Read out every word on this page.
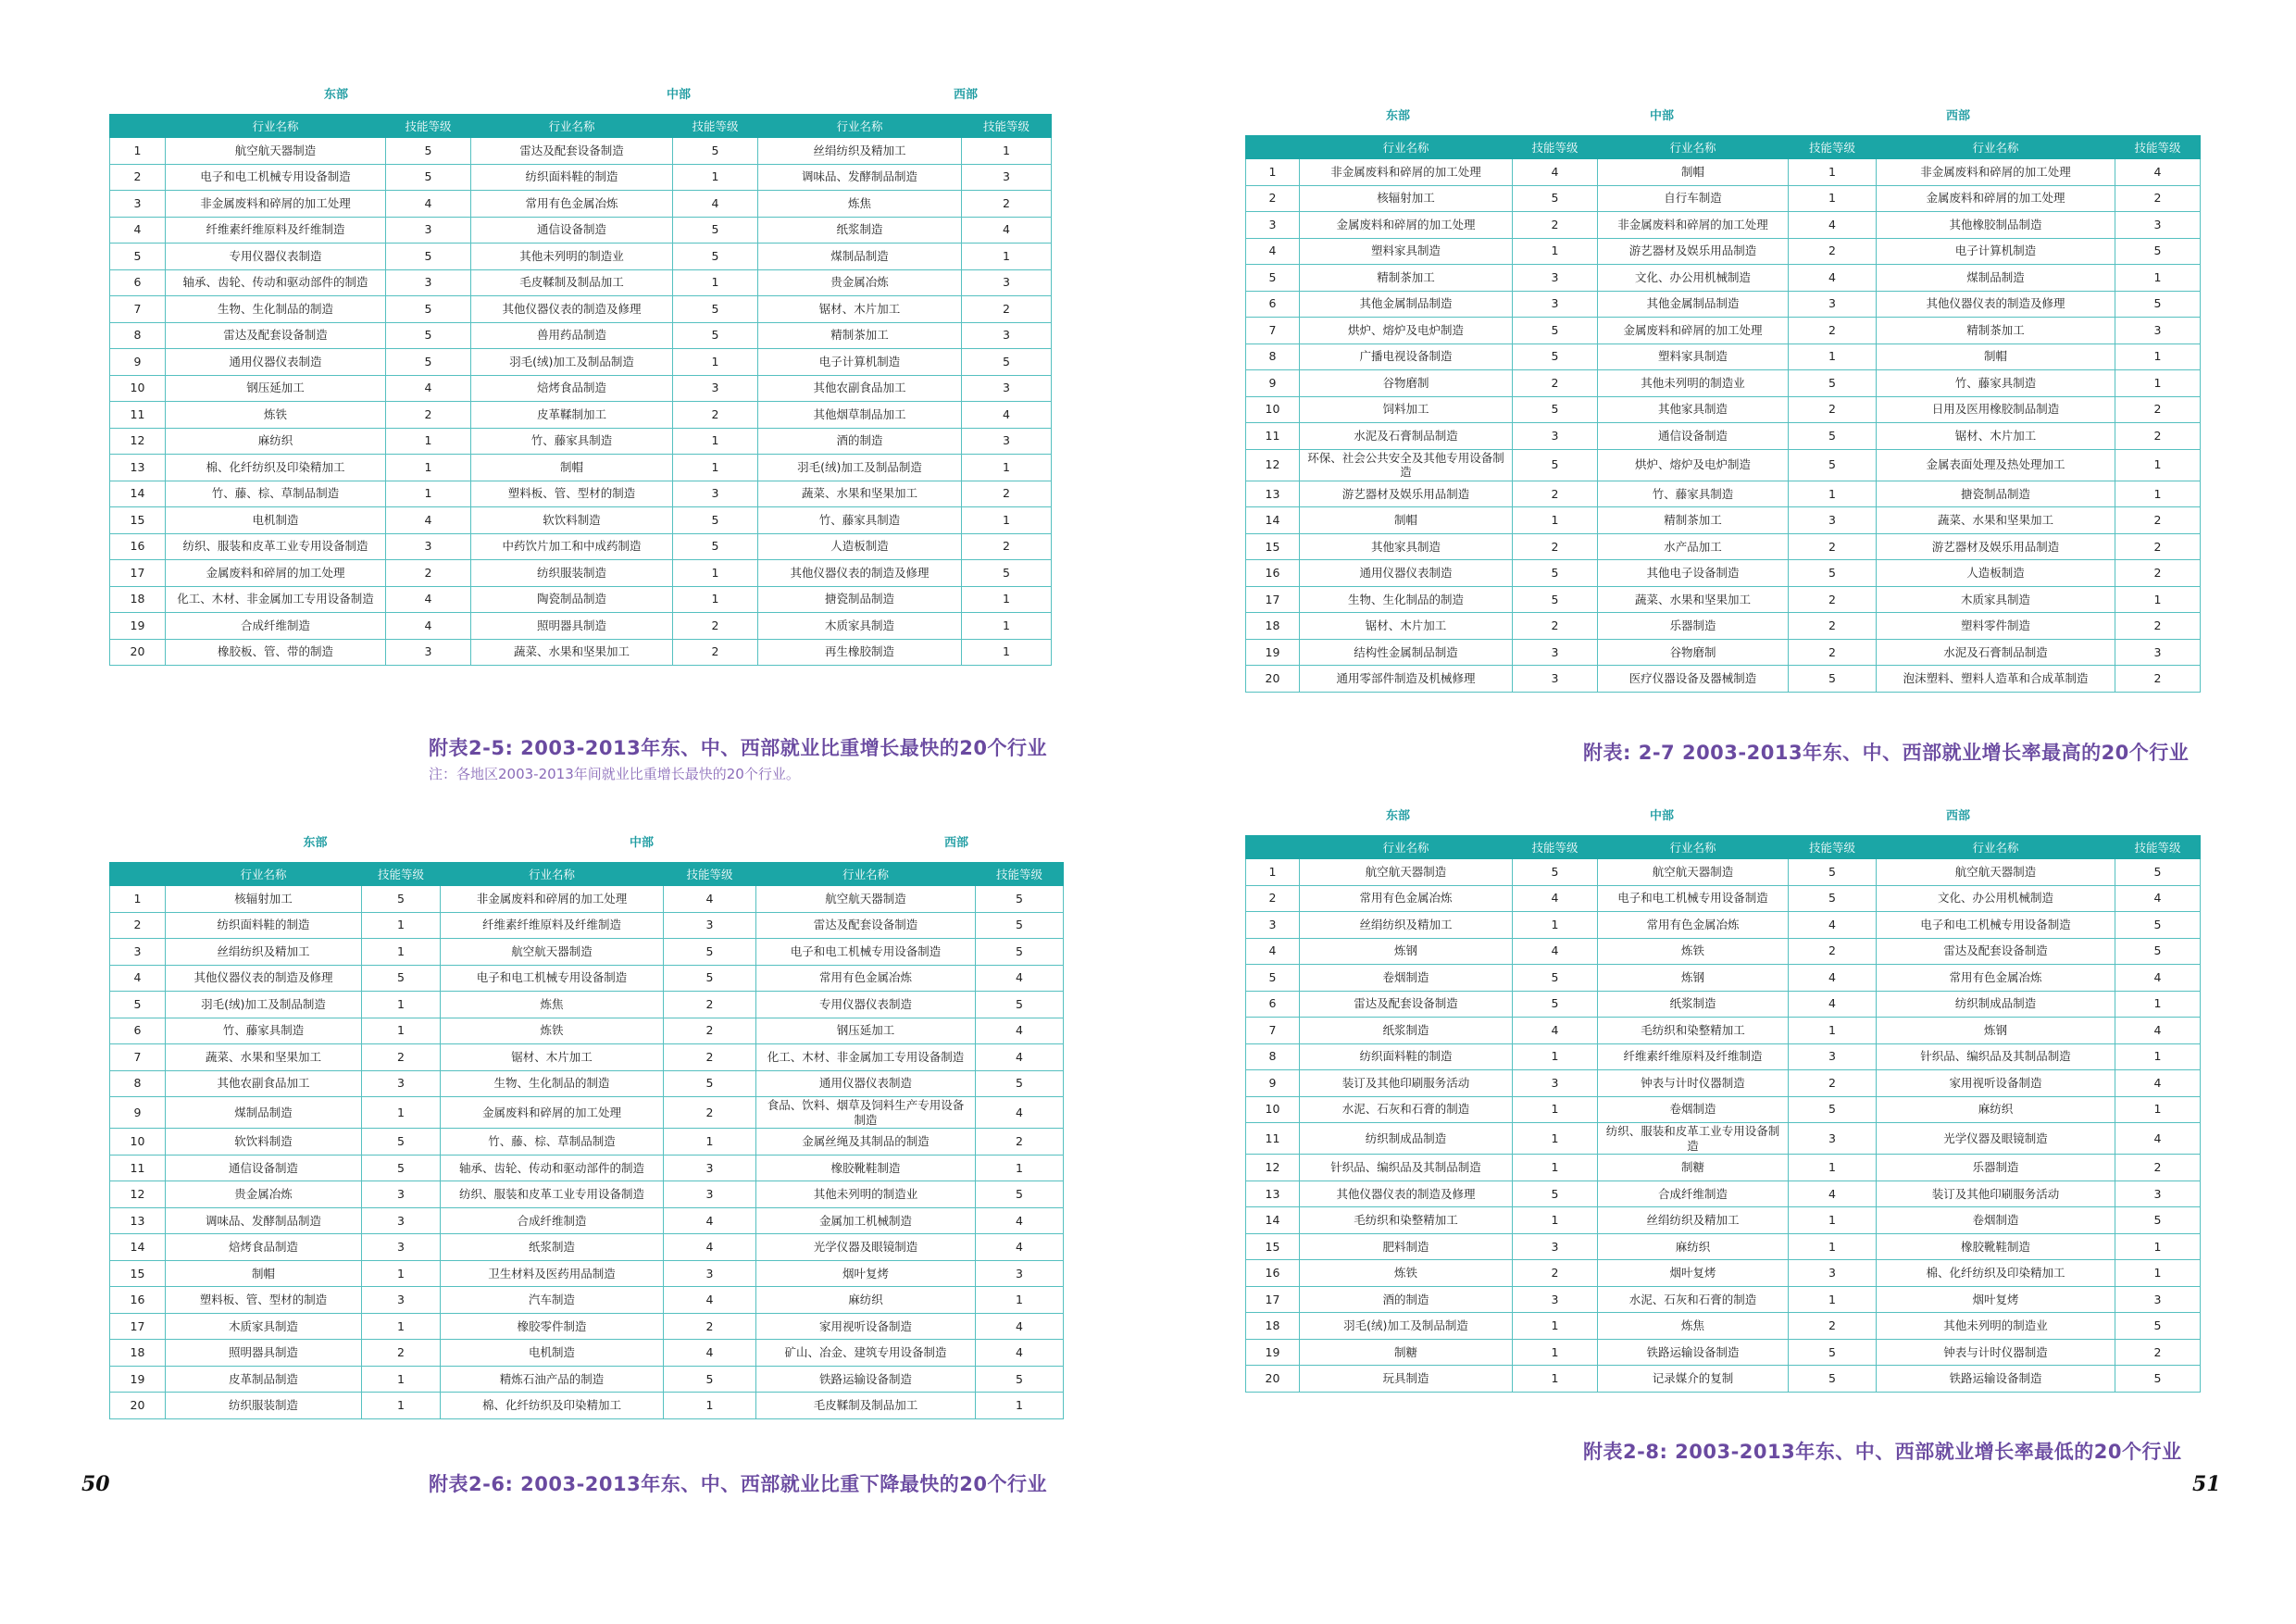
东部	中部	西部
	行业名称	技能等级	行业名称	技能等级	行业名称	技能等级
1	航空航天器制造	5	雷达及配套设备制造	5	丝绢纺织及精加工	1
2	电子和电工机械专用设备制造	5	纺织面料鞋的制造	1	调味品、发酵制品制造	3
3	非金属废料和碎屑的加工处理	4	常用有色金属冶炼	4	炼焦	2
4	纤维素纤维原料及纤维制造	3	通信设备制造	5	纸浆制造	4
5	专用仪器仪表制造	5	其他未列明的制造业	5	煤制品制造	1
6	轴承、齿轮、传动和驱动部件的制造	3	毛皮鞣制及制品加工	1	贵金属冶炼	3
7	生物、生化制品的制造	5	其他仪器仪表的制造及修理	5	锯材、木片加工	2
8	雷达及配套设备制造	5	兽用药品制造	5	精制茶加工	3
9	通用仪器仪表制造	5	羽毛(绒)加工及制品制造	1	电子计算机制造	5
10	钢压延加工	4	焙烤食品制造	3	其他农副食品加工	3
11	炼铁	2	皮革鞣制加工	2	其他烟草制品加工	4
12	麻纺织	1	竹、藤家具制造	1	酒的制造	3
13	棉、化纤纺织及印染精加工	1	制帽	1	羽毛(绒)加工及制品制造	1
14	竹、藤、棕、草制品制造	1	塑料板、管、型材的制造	3	蔬菜、水果和坚果加工	2
15	电机制造	4	软饮料制造	5	竹、藤家具制造	1
16	纺织、服装和皮革工业专用设备制造	3	中药饮片加工和中成药制造	5	人造板制造	2
17	金属废料和碎屑的加工处理	2	纺织服装制造	1	其他仪器仪表的制造及修理	5
18	化工、木材、非金属加工专用设备制造	4	陶瓷制品制造	1	搪瓷制品制造	1
19	合成纤维制造	4	照明器具制造	2	木质家具制造	1
20	橡胶板、管、带的制造	3	蔬菜、水果和坚果加工	2	再生橡胶制造	1
附表2-5: 2003-2013年东、中、西部就业比重增长最快的20个行业
注：各地区2003-2013年间就业比重增长最快的20个行业。
东部	中部	西部
	行业名称	技能等级	行业名称	技能等级	行业名称	技能等级
1	核辐射加工	5	非金属废料和碎屑的加工处理	4	航空航天器制造	5
2	纺织面料鞋的制造	1	纤维素纤维原料及纤维制造	3	雷达及配套设备制造	5
3	丝绢纺织及精加工	1	航空航天器制造	5	电子和电工机械专用设备制造	5
4	其他仪器仪表的制造及修理	5	电子和电工机械专用设备制造	5	常用有色金属冶炼	4
5	羽毛(绒)加工及制品制造	1	炼焦	2	专用仪器仪表制造	5
6	竹、藤家具制造	1	炼铁	2	钢压延加工	4
7	蔬菜、水果和坚果加工	2	锯材、木片加工	2	化工、木材、非金属加工专用设备制造	4
8	其他农副食品加工	3	生物、生化制品的制造	5	通用仪器仪表制造	5
9	煤制品制造	1	金属废料和碎屑的加工处理	2	食品、饮料、烟草及饲料生产专用设备制造	4
10	软饮料制造	5	竹、藤、棕、草制品制造	1	金属丝绳及其制品的制造	2
11	通信设备制造	5	轴承、齿轮、传动和驱动部件的制造	3	橡胶靴鞋制造	1
12	贵金属冶炼	3	纺织、服装和皮革工业专用设备制造	3	其他未列明的制造业	5
13	调味品、发酵制品制造	3	合成纤维制造	4	金属加工机械制造	4
14	焙烤食品制造	3	纸浆制造	4	光学仪器及眼镜制造	4
15	制帽	1	卫生材料及医药用品制造	3	烟叶复烤	3
16	塑料板、管、型材的制造	3	汽车制造	4	麻纺织	1
17	木质家具制造	1	橡胶零件制造	2	家用视听设备制造	4
18	照明器具制造	2	电机制造	4	矿山、冶金、建筑专用设备制造	4
19	皮革制品制造	1	精炼石油产品的制造	5	铁路运输设备制造	5
20	纺织服装制造	1	棉、化纤纺织及印染精加工	1	毛皮鞣制及制品加工	1
附表2-6: 2003-2013年东、中、西部就业比重下降最快的20个行业
50
东部	中部	西部
	行业名称	技能等级	行业名称	技能等级	行业名称	技能等级
1	非金属废料和碎屑的加工处理	4	制帽	1	非金属废料和碎屑的加工处理	4
2	核辐射加工	5	自行车制造	1	金属废料和碎屑的加工处理	2
3	金属废料和碎屑的加工处理	2	非金属废料和碎屑的加工处理	4	其他橡胶制品制造	3
4	塑料家具制造	1	游艺器材及娱乐用品制造	2	电子计算机制造	5
5	精制茶加工	3	文化、办公用机械制造	4	煤制品制造	1
6	其他金属制品制造	3	其他金属制品制造	3	其他仪器仪表的制造及修理	5
7	烘炉、熔炉及电炉制造	5	金属废料和碎屑的加工处理	2	精制茶加工	3
8	广播电视设备制造	5	塑料家具制造	1	制帽	1
9	谷物磨制	2	其他未列明的制造业	5	竹、藤家具制造	1
10	饲料加工	5	其他家具制造	2	日用及医用橡胶制品制造	2
11	水泥及石膏制品制造	3	通信设备制造	5	锯材、木片加工	2
12	环保、社会公共安全及其他专用设备制造	5	烘炉、熔炉及电炉制造	5	金属表面处理及热处理加工	1
13	游艺器材及娱乐用品制造	2	竹、藤家具制造	1	搪瓷制品制造	1
14	制帽	1	精制茶加工	3	蔬菜、水果和坚果加工	2
15	其他家具制造	2	水产品加工	2	游艺器材及娱乐用品制造	2
16	通用仪器仪表制造	5	其他电子设备制造	5	人造板制造	2
17	生物、生化制品的制造	5	蔬菜、水果和坚果加工	2	木质家具制造	1
18	锯材、木片加工	2	乐器制造	2	塑料零件制造	2
19	结构性金属制品制造	3	谷物磨制	2	水泥及石膏制品制造	3
20	通用零部件制造及机械修理	3	医疗仪器设备及器械制造	5	泡沫塑料、塑料人造革和合成革制造	2
附表: 2-7 2003-2013年东、中、西部就业增长率最高的20个行业
东部	中部	西部
	行业名称	技能等级	行业名称	技能等级	行业名称	技能等级
1	航空航天器制造	5	航空航天器制造	5	航空航天器制造	5
2	常用有色金属冶炼	4	电子和电工机械专用设备制造	5	文化、办公用机械制造	4
3	丝绢纺织及精加工	1	常用有色金属冶炼	4	电子和电工机械专用设备制造	5
4	炼钢	4	炼铁	2	雷达及配套设备制造	5
5	卷烟制造	5	炼钢	4	常用有色金属冶炼	4
6	雷达及配套设备制造	5	纸浆制造	4	纺织制成品制造	1
7	纸浆制造	4	毛纺织和染整精加工	1	炼钢	4
8	纺织面料鞋的制造	1	纤维素纤维原料及纤维制造	3	针织品、编织品及其制品制造	1
9	装订及其他印刷服务活动	3	钟表与计时仪器制造	2	家用视听设备制造	4
10	水泥、石灰和石膏的制造	1	卷烟制造	5	麻纺织	1
11	纺织制成品制造	1	纺织、服装和皮革工业专用设备制造	3	光学仪器及眼镜制造	4
12	针织品、编织品及其制品制造	1	制糖	1	乐器制造	2
13	其他仪器仪表的制造及修理	5	合成纤维制造	4	装订及其他印刷服务活动	3
14	毛纺织和染整精加工	1	丝绢纺织及精加工	1	卷烟制造	5
15	肥料制造	3	麻纺织	1	橡胶靴鞋制造	1
16	炼铁	2	烟叶复烤	3	棉、化纤纺织及印染精加工	1
17	酒的制造	3	水泥、石灰和石膏的制造	1	烟叶复烤	3
18	羽毛(绒)加工及制品制造	1	炼焦	2	其他未列明的制造业	5
19	制糖	1	铁路运输设备制造	5	钟表与计时仪器制造	2
20	玩具制造	1	记录媒介的复制	5	铁路运输设备制造	5
附表2-8: 2003-2013年东、中、西部就业增长率最低的20个行业
51
